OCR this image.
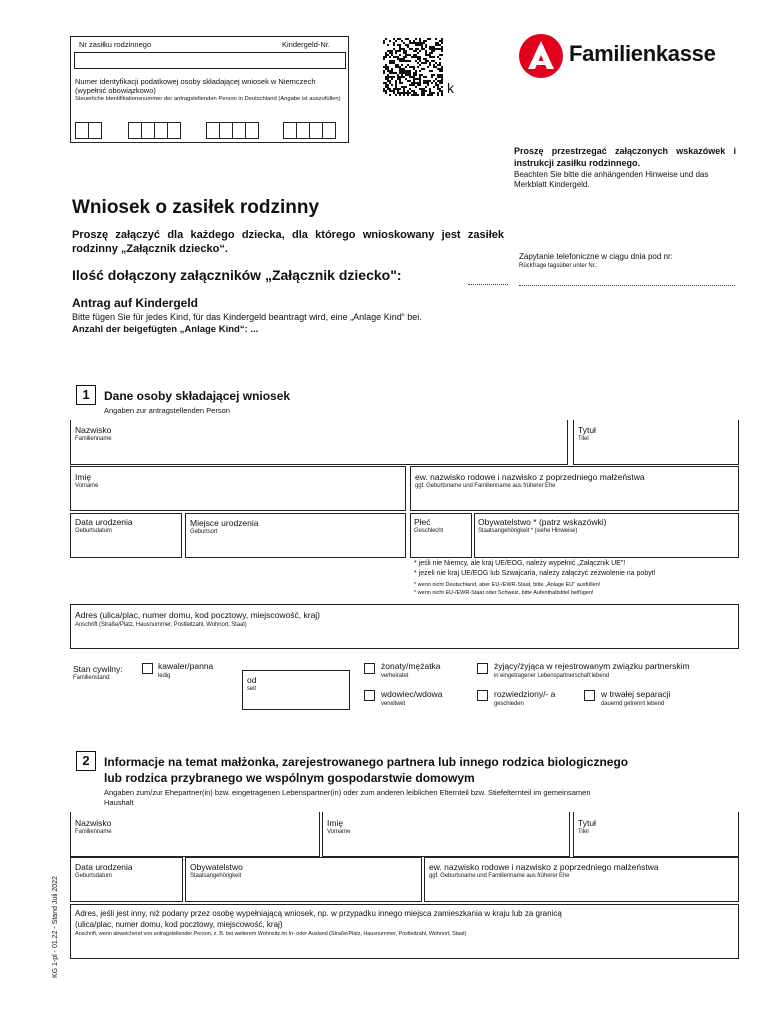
Nr zasiłku rodzinnego	Kindergeld-Nr.
Numer identyfikacji podatkowej osoby składającej wniosek w Niemczech (wypełnić obowiązkowo)
Steuerliche Identifikationsnummer der antragstellenden Person in Deutschland (Angabe ist auszufüllen)
k
Familienkasse
Proszę przestrzegać załączonych wskazówek i instrukcji zasiłku rodzinnego.
Beachten Sie bitte die anhängenden Hinweise und das Merkblatt Kindergeld.
Wniosek o zasiłek rodzinny
Proszę załączyć dla każdego dziecka, dla którego wnioskowany jest zasiłek rodzinny „Załącznik dziecko“.
Ilość dołączony załączników „Załącznik dziecko":
Antrag auf Kindergeld
Bitte fügen Sie für jedes Kind, für das Kindergeld beantragt wird, eine „Anlage Kind“ bei.
Anzahl der beigefügten „Anlage Kind“: ...
Zapytanie telefoniczne w ciągu dnia pod nr:
Rückfrage tagsüber unter Nr.:
1	Dane osoby składającej wniosek
Angaben zur antragstellenden Person
Nazwisko
Familienname
Tytuł
Titel
Imię
Vorname
ew. nazwisko rodowe i nazwisko z poprzedniego małżeństwa
ggf. Geburtsname und Familienname aus früherer Ehe
Data urodzenia
Geburtsdatum
Miejsce urodzenia
Geburtsort
Płeć
Geschlecht
Obywatelstwo * (patrz wskazówki)
Staatsangehörigkeit * (siehe Hinweise)
* jeśli nie Niemcy, ale kraj UE/EOG, należy wypełnić „Załącznik UE"!
* jeżeli nie kraj UE/EOG lub Szwajcaria, należy załączyć zezwolenie na pobyt!
* wenn nicht Deutschland, aber EU-/EWR-Staat, bitte „Anlage EU" ausfüllen!
* wenn nicht EU-/EWR-Staat oder Schweiz, bitte Aufenthaltstitel beifügen!
Adres (ulica/plac, numer domu, kod pocztowy, miejscowość, kraj)
Anschrift (Straße/Platz, Hausnummer, Postleitzahl, Wohnort, Staat)
Stan cywilny:
Familienstand:
kawaler/panna
ledig	od
seit
żonaty/mężatka
verheiratet
żyjący/żyjąca w rejestrowanym związku partnerskim
in eingetragener Lebenspartnerschaft lebend
wdowiec/wdowa
verwitwet
rozwiedziony/- a
geschieden
w trwałej separacji
dauernd getrennt lebend
2	Informacje na temat małżonka, zarejestrowanego partnera lub innego rodzica biologicznego
lub rodzica przybranego we wspólnym gospodarstwie domowym
Angaben zum/zur Ehepartner(in) bzw. eingetragenen Lebenspartner(in) oder zum anderen leiblichen Elternteil bzw. Stiefelternteil im gemeinsamen
Haushalt
Nazwisko
Familienname
Imię
Vorname
Tytuł
Titel
Data urodzenia
Geburtsdatum
Obywatelstwo
Staatsangehörigkeit
ew. nazwisko rodowe i nazwisko z poprzedniego małżeństwa
ggf. Geburtsname und Familienname aus früherer Ehe
Adres, jeśli jest inny, niż podany przez osobę wypełniającą wniosek, np. w przypadku innego miejsca zamieszkania w kraju lub za granicą
(ulica/plac, numer domu, kod pocztowy, miejscowość, kraj)
Anschrift, wenn abweichend von antragstellender Person, z. B. bei weiterem Wohnsitz im In- oder Ausland (Straße/Platz, Hausnummer, Postleitzahl, Wohnort, Staat)
KG 1-pl - 01.22 - Stand Juli 2022
